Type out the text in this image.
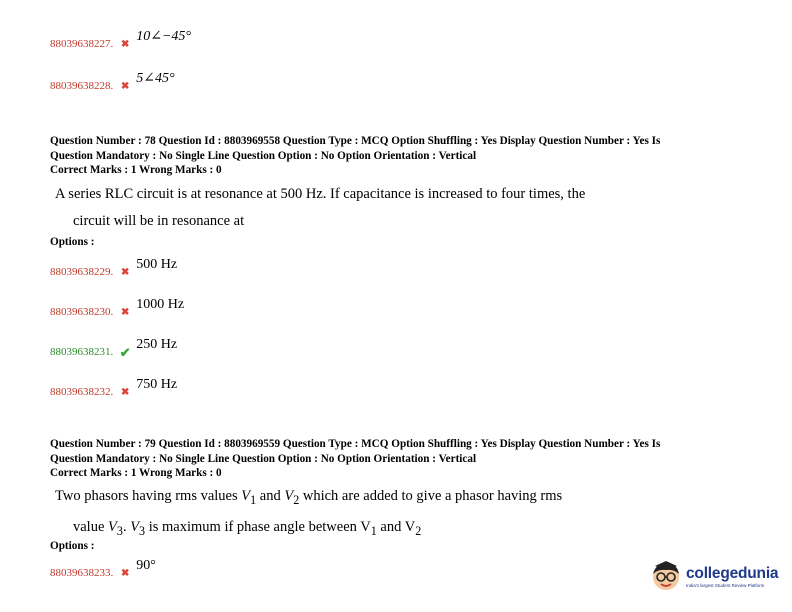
88039638227. ✖
10∠−45°
88039638228. ✖
5∠45°
Question Number : 78 Question Id : 8803969558 Question Type : MCQ Option Shuffling : Yes Display Question Number : Yes Is
Question Mandatory : No Single Line Question Option : No Option Orientation : Vertical
Correct Marks : 1 Wrong Marks : 0
A series RLC circuit is at resonance at 500 Hz. If capacitance is increased to four times, the
circuit will be in resonance at
Options :
88039638229. ✖
500 Hz
88039638230. ✖
1000 Hz
88039638231. ✔
250 Hz
88039638232. ✖
750 Hz
Question Number : 79 Question Id : 8803969559 Question Type : MCQ Option Shuffling : Yes Display Question Number : Yes Is
Question Mandatory : No Single Line Question Option : No Option Orientation : Vertical
Correct Marks : 1 Wrong Marks : 0
Two phasors having rms values $V_1$ and $V_2$ which are added to give a phasor having rms
value $V_3$. $V_3$ is maximum if phase angle between $V_1$ and $V_2$
Options :
88039638233. ✖
90°	collegedunia
India's largest Student Review Platform
